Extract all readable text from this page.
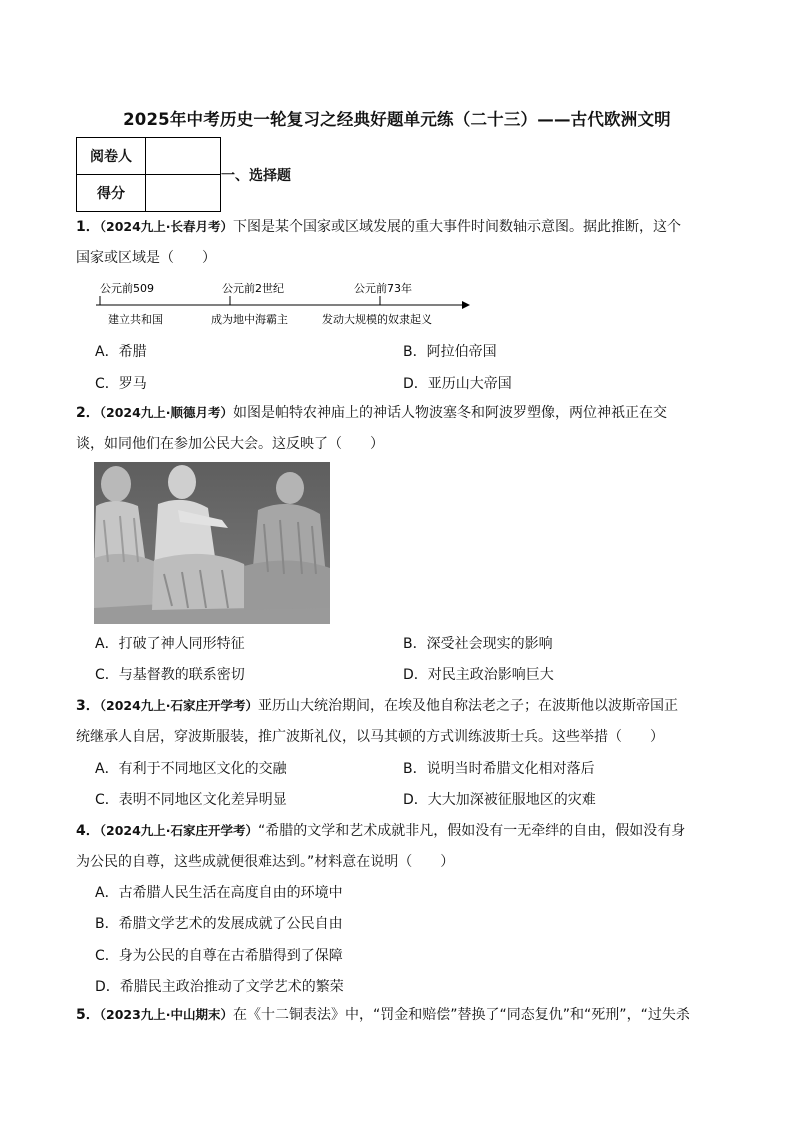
2025年中考历史一轮复习之经典好题单元练（二十三）——古代欧洲文明
阅卷人	
得分	
一、选择题
1．（2024九上·长春月考）下图是某个国家或区域发展的重大事件时间数轴示意图。据此推断，这个
国家或区域是（　　）
公元前509	公元前2世纪	公元前73年
建立共和国	成为地中海霸主	发动大规模的奴隶起义
A．希腊	B．阿拉伯帝国
C．罗马	D．亚历山大帝国
2．（2024九上·顺德月考）如图是帕特农神庙上的神话人物波塞冬和阿波罗塑像，两位神祇正在交
谈，如同他们在参加公民大会。这反映了（　　）
A．打破了神人同形特征	B．深受社会现实的影响
C．与基督教的联系密切	D．对民主政治影响巨大
3．（2024九上·石家庄开学考）亚历山大统治期间，在埃及他自称法老之子；在波斯他以波斯帝国正
统继承人自居，穿波斯服装，推广波斯礼仪，以马其顿的方式训练波斯士兵。这些举措（　　）
A．有利于不同地区文化的交融	B．说明当时希腊文化相对落后
C．表明不同地区文化差异明显	D．大大加深被征服地区的灾难
4．（2024九上·石家庄开学考）“希腊的文学和艺术成就非凡，假如没有一无牵绊的自由，假如没有身
为公民的自尊，这些成就便很难达到。”材料意在说明（　　）
A．古希腊人民生活在高度自由的环境中
B．希腊文学艺术的发展成就了公民自由
C．身为公民的自尊在古希腊得到了保障
D．希腊民主政治推动了文学艺术的繁荣
5．（2023九上·中山期末）在《十二铜表法》中，“罚金和赔偿”替换了“同态复仇”和“死刑”，“过失杀
